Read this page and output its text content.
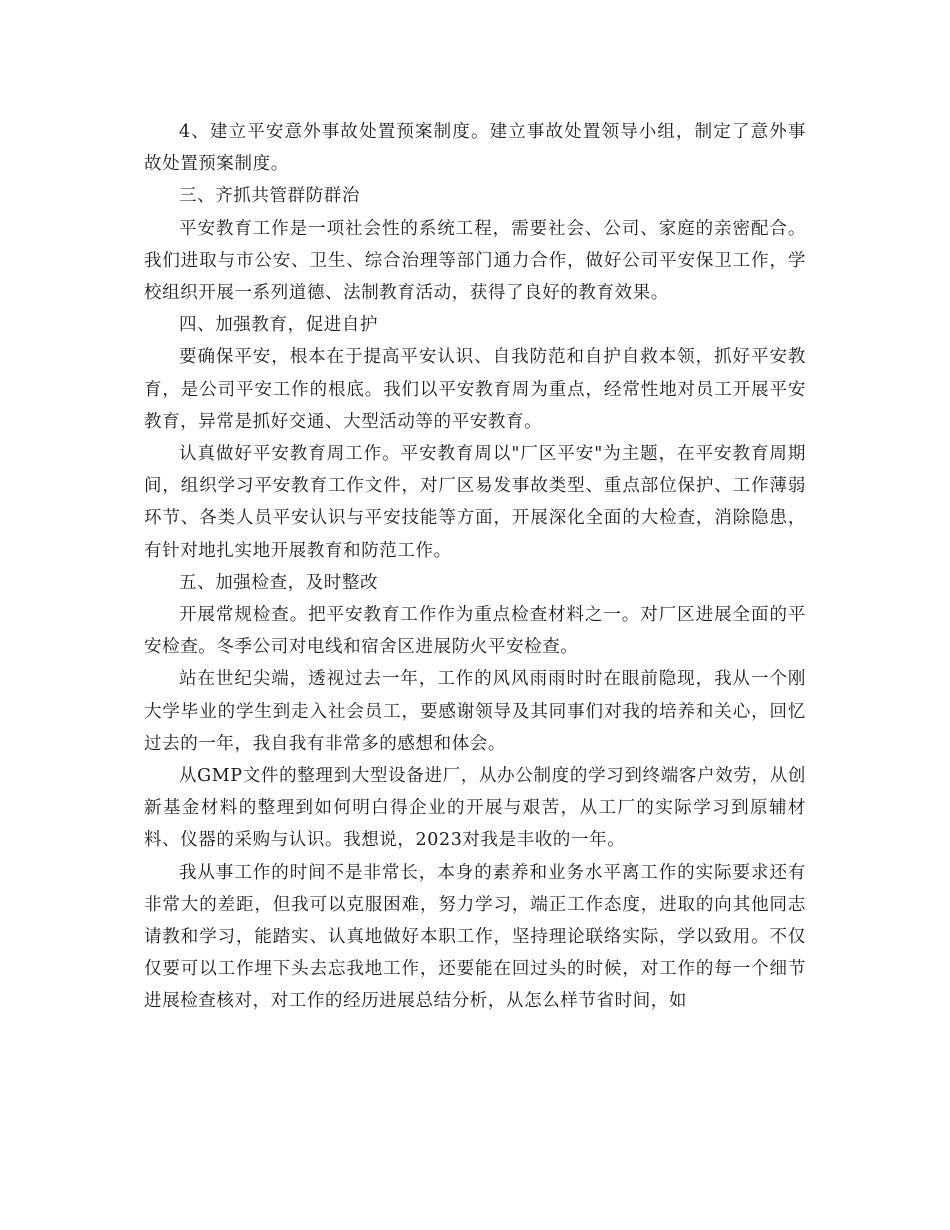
4、建立平安意外事故处置预案制度。建立事故处置领导小组，制定了意外事故处置预案制度。

三、齐抓共管群防群治

平安教育工作是一项社会性的系统工程，需要社会、公司、家庭的亲密配合。我们进取与市公安、卫生、综合治理等部门通力合作，做好公司平安保卫工作，学校组织开展一系列道德、法制教育活动，获得了良好的教育效果。

四、加强教育，促进自护

要确保平安，根本在于提高平安认识、自我防范和自护自救本领，抓好平安教育，是公司平安工作的根底。我们以平安教育周为重点，经常性地对员工开展平安教育，异常是抓好交通、大型活动等的平安教育。

认真做好平安教育周工作。平安教育周以"厂区平安"为主题，在平安教育周期间，组织学习平安教育工作文件，对厂区易发事故类型、重点部位保护、工作薄弱环节、各类人员平安认识与平安技能等方面，开展深化全面的大检查，消除隐患，有针对地扎实地开展教育和防范工作。

五、加强检查，及时整改

开展常规检查。把平安教育工作作为重点检查材料之一。对厂区进展全面的平安检查。冬季公司对电线和宿舍区进展防火平安检查。

站在世纪尖端，透视过去一年，工作的风风雨雨时时在眼前隐现，我从一个刚大学毕业的学生到走入社会员工，要感谢领导及其同事们对我的培养和关心，回忆过去的一年，我自我有非常多的感想和体会。

从GMP文件的整理到大型设备进厂，从办公制度的学习到终端客户效劳，从创新基金材料的整理到如何明白得企业的开展与艰苦，从工厂的实际学习到原辅材料、仪器的采购与认识。我想说，2023对我是丰收的一年。

我从事工作的时间不是非常长，本身的素养和业务水平离工作的实际要求还有非常大的差距，但我可以克服困难，努力学习，端正工作态度，进取的向其他同志请教和学习，能踏实、认真地做好本职工作，坚持理论联络实际，学以致用。不仅仅要可以工作埋下头去忘我地工作，还要能在回过头的时候，对工作的每一个细节进展检查核对，对工作的经历进展总结分析，从怎么样节省时间，如
